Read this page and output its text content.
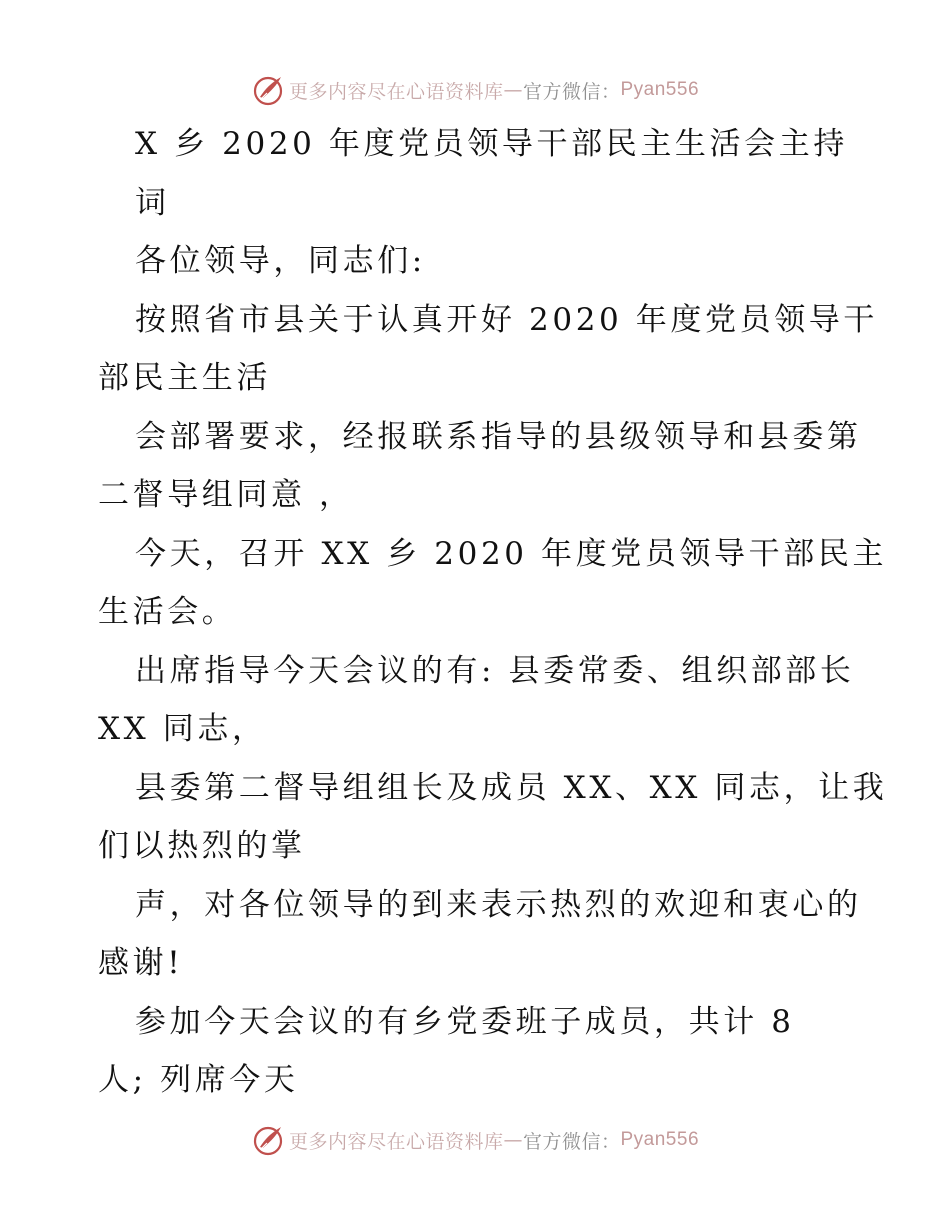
更多内容尽在心语资料库 — 官方微信： Pyan556
X 乡 2020 年度党员领导干部民主生活会主持
词
各位领导，同志们:
按照省市县关于认真开好 2020 年度党员领导干
部民主生活
会部署要求，经报联系指导的县级领导和县委第
二督导组同意 ，
今天，召开 XX 乡 2020 年度党员领导干部民主
生活会。
出席指导今天会议的有: 县委常委、组织部部长
XX 同志，
县委第二督导组组长及成员 XX、XX 同志，让我
们以热烈的掌
声，对各位领导的到来表示热烈的欢迎和衷心的
感谢!
参加今天会议的有乡党委班子成员，共计 8
人; 列席今天
更多内容尽在心语资料库 — 官方微信： Pyan556
